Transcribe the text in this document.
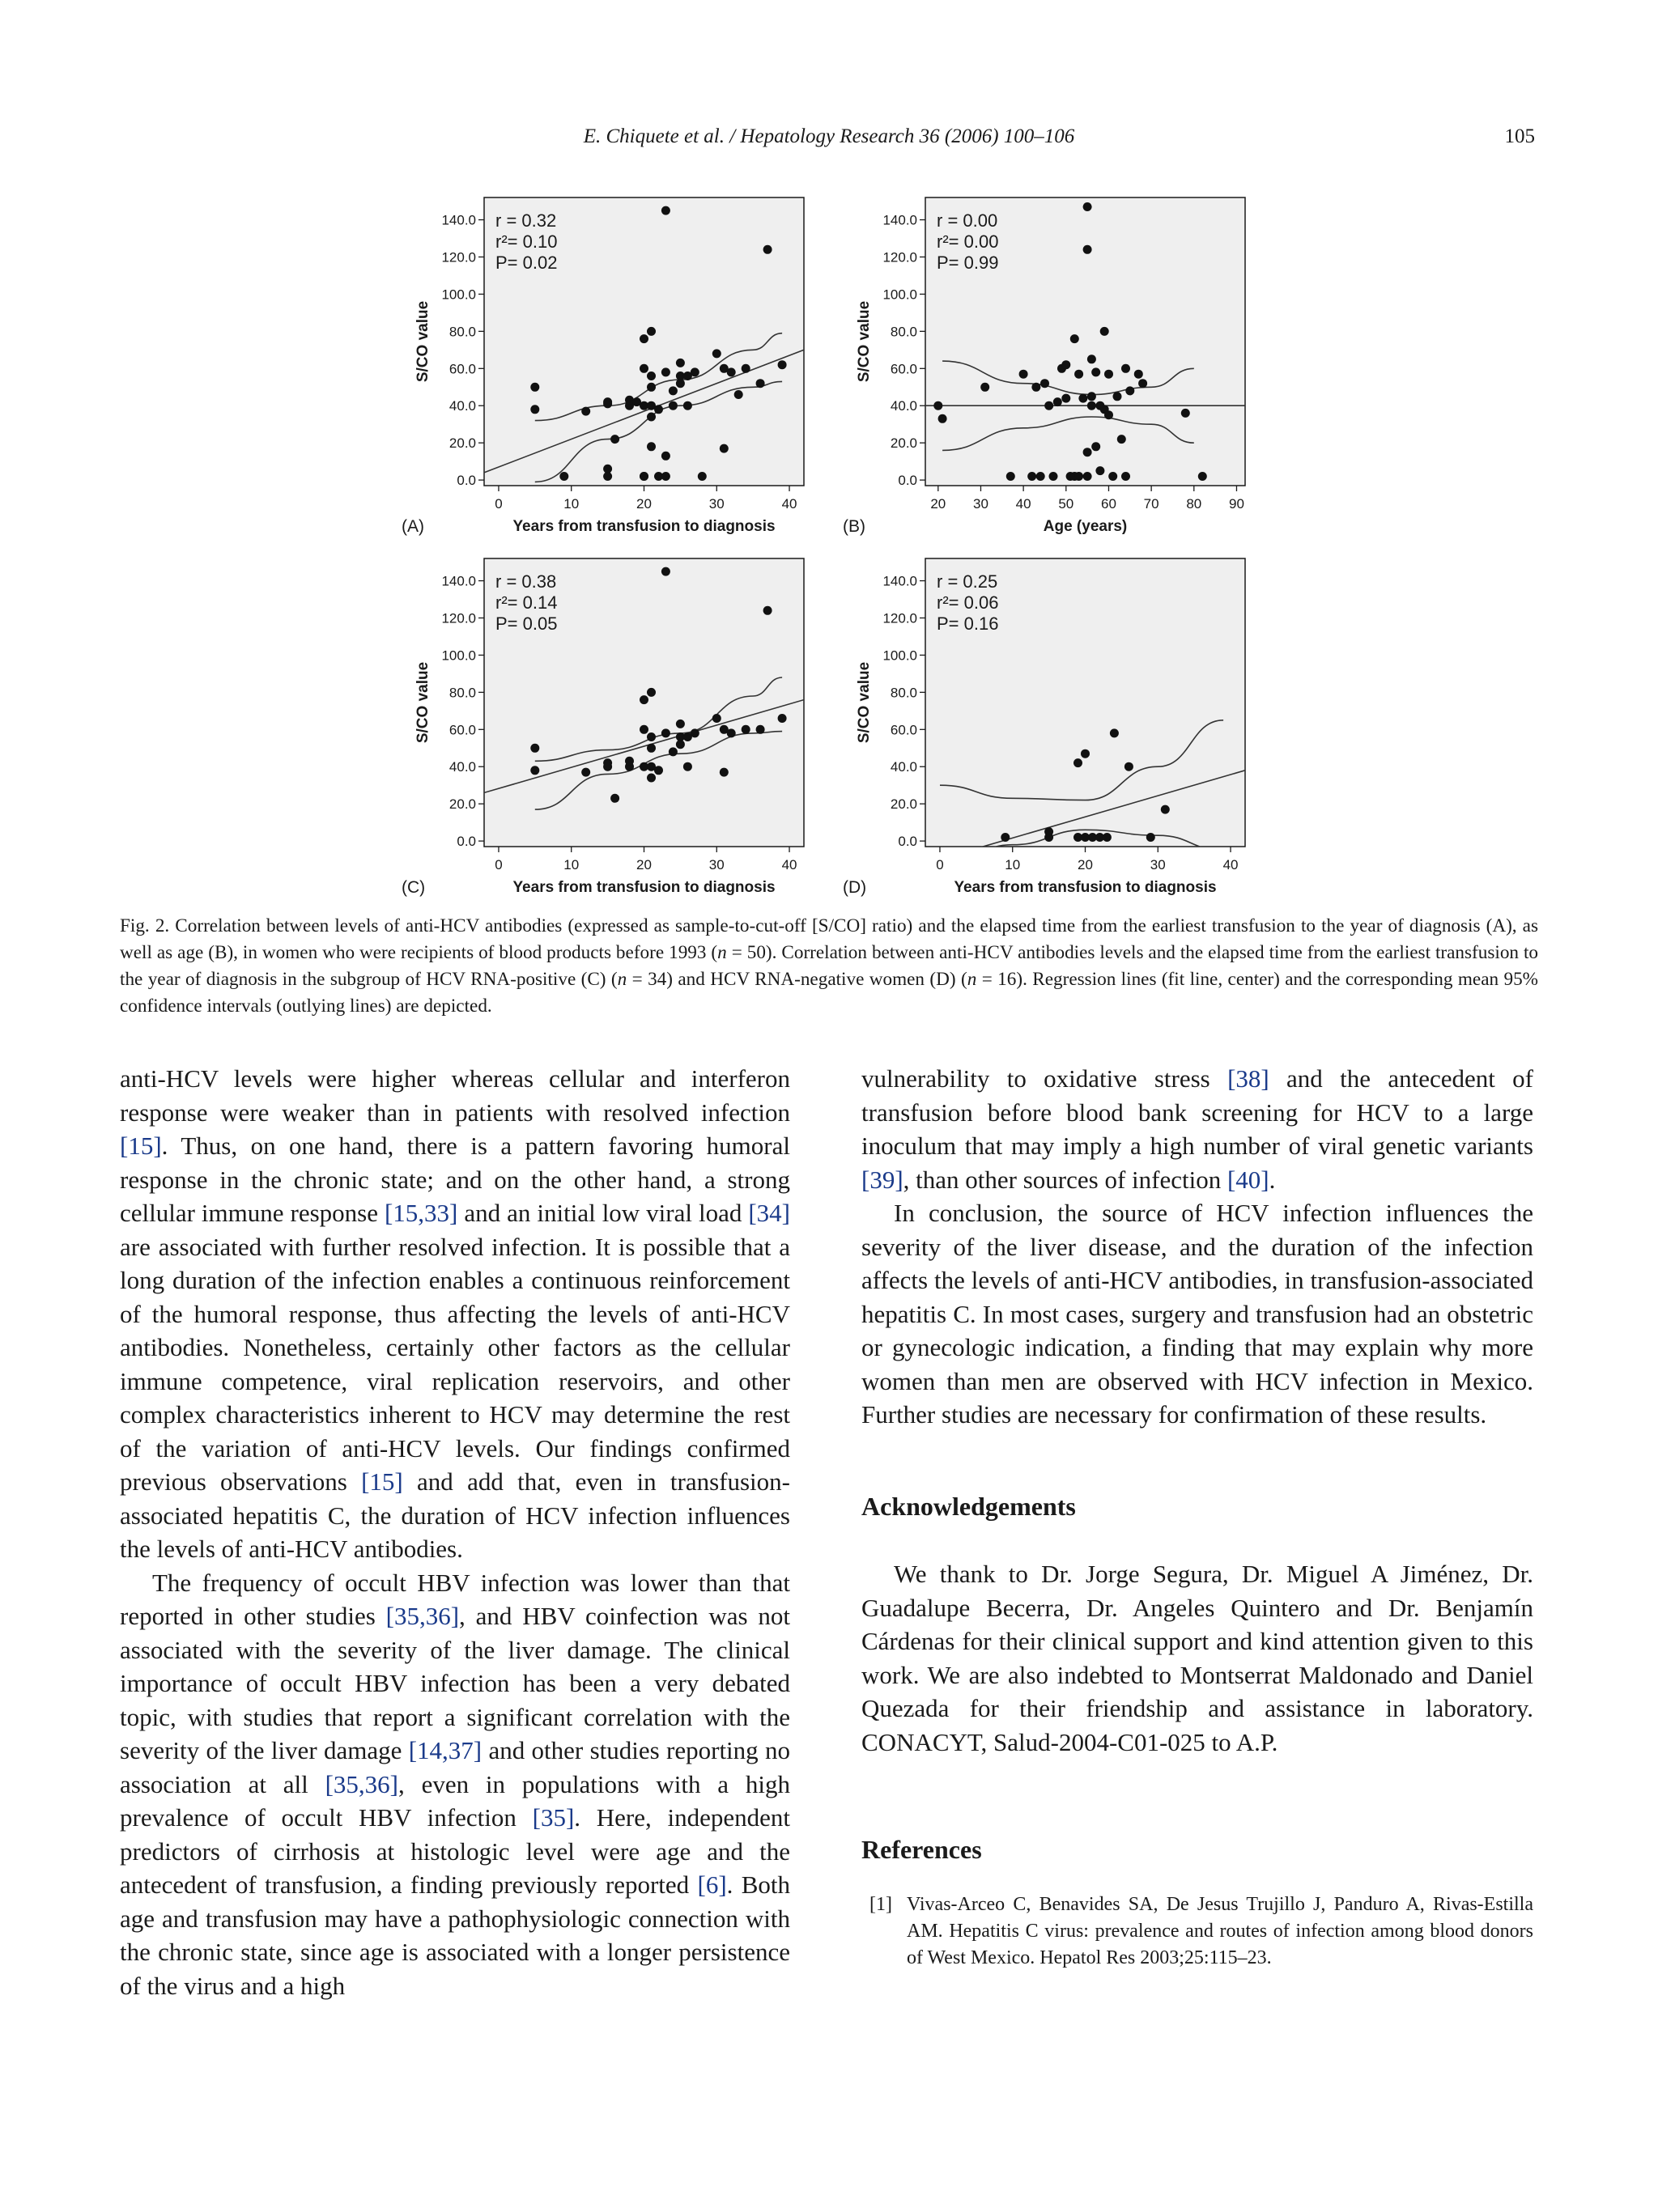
E. Chiquete et al. / Hepatology Research 36 (2006) 100–106	105
0.0
20.0
40.0
60.0
80.0
100.0
120.0
140.0
0	10	20	30	40
Years from transfusion to diagnosis
S/CO value
(A)
r = 0.32
r²= 0.10
P= 0.02
0.0
20.0
40.0
60.0
80.0
100.0
120.0
140.0
20 30 40 50 60 70 80 90
Age (years)
S/CO value
(B)
r = 0.00
r²= 0.00
P= 0.99
0.0
20.0
40.0
60.0
80.0
100.0
120.0
140.0
0	10	20	30	40
Years from transfusion to diagnosis
S/CO value
(C)
r = 0.38
r²= 0.14
P= 0.05
0.0
20.0
40.0
60.0
80.0
100.0
120.0
140.0
0	10	20	30	40
Years from transfusion to diagnosis
S/CO value
(D)
r = 0.25
r²= 0.06
P= 0.16
Fig. 2. Correlation between levels of anti-HCV antibodies (expressed as sample-to-cut-off [S/CO] ratio) and the elapsed time from the earliest transfusion to the year of diagnosis (A), as well as age (B), in women who were recipients of blood products before 1993 (n = 50). Correlation between anti-HCV antibodies levels and the elapsed time from the earliest transfusion to the year of diagnosis in the subgroup of HCV RNA-positive (C) (n = 34) and HCV RNA-negative women (D) (n = 16). Regression lines (fit line, center) and the corresponding mean 95% confidence intervals (outlying lines) are depicted.

anti-HCV levels were higher whereas cellular and interferon response were weaker than in patients with resolved infection [15]. Thus, on one hand, there is a pattern favoring humoral response in the chronic state; and on the other hand, a strong cellular immune response [15,33] and an initial low viral load [34] are associated with further resolved infection. It is possible that a long duration of the infection enables a continuous reinforcement of the humoral response, thus affecting the levels of anti-HCV antibodies. Nonetheless, certainly other factors as the cellular immune competence, viral replication reservoirs, and other complex characteristics inherent to HCV may determine the rest of the variation of anti-HCV levels. Our findings confirmed previous observations [15] and add that, even in transfusion-associated hepatitis C, the duration of HCV infection influences the levels of anti-HCV antibodies.

The frequency of occult HBV infection was lower than that reported in other studies [35,36], and HBV coinfection was not associated with the severity of the liver damage. The clinical importance of occult HBV infection has been a very debated topic, with studies that report a significant correlation with the severity of the liver damage [14,37] and other studies reporting no association at all [35,36], even in populations with a high prevalence of occult HBV infection [35]. Here, independent predictors of cirrhosis at histologic level were age and the antecedent of transfusion, a finding previously reported [6]. Both age and transfusion may have a pathophysiologic connection with the chronic state, since age is associated with a longer persistence of the virus and a high

vulnerability to oxidative stress [38] and the antecedent of transfusion before blood bank screening for HCV to a large inoculum that may imply a high number of viral genetic variants [39], than other sources of infection [40].

In conclusion, the source of HCV infection influences the severity of the liver disease, and the duration of the infection affects the levels of anti-HCV antibodies, in transfusion-associated hepatitis C. In most cases, surgery and transfusion had an obstetric or gynecologic indication, a finding that may explain why more women than men are observed with HCV infection in Mexico. Further studies are necessary for confirmation of these results.

Acknowledgements

We thank to Dr. Jorge Segura, Dr. Miguel A Jiménez, Dr. Guadalupe Becerra, Dr. Angeles Quintero and Dr. Benjamín Cárdenas for their clinical support and kind attention given to this work. We are also indebted to Montserrat Maldonado and Daniel Quezada for their friendship and assistance in laboratory. CONACYT, Salud-2004-C01-025 to A.P.

References

[1] Vivas-Arceo C, Benavides SA, De Jesus Trujillo J, Panduro A, Rivas-Estilla AM. Hepatitis C virus: prevalence and routes of infection among blood donors of West Mexico. Hepatol Res 2003;25:115–23.
